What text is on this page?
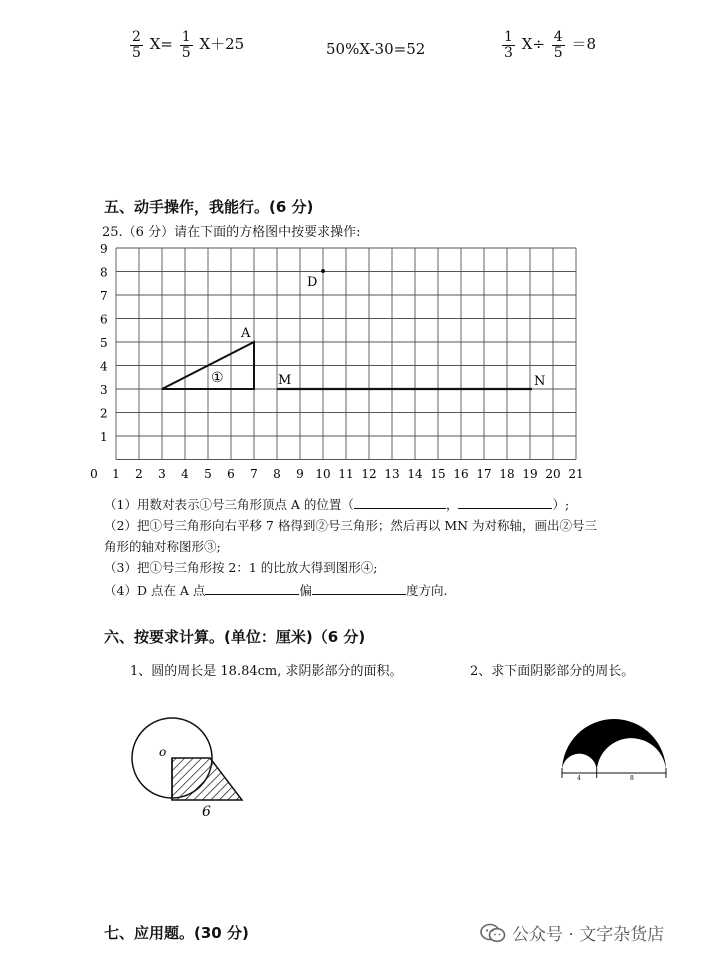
$\frac{2}{5} X= \frac{1}{5} X+25$	50%X-30=52	$\frac{1}{3} X\div \frac{4}{5} =8$
五、动手操作，我能行。(6 分)
25.（6 分）请在下面的方格图中按要求操作:
9
8
7
6
5
4
3
2
1
0 1 2 3 4 5 6 7 8 9 10 11 12 13 14 15 16 17 18 19 20 21
D
A
M	N
①
（1）用数对表示①号三角形顶点 A 的位置（	，	）;
（2）把①号三角形向右平移 7 格得到②号三角形；然后再以 MN 为对称轴，画出②号三
角形的轴对称图形③;
（3）把①号三角形按 2：1 的比放大得到图形④;
（4）D 点在 A 点	偏	度方向.
六、按要求计算。(单位：厘米)（6 分)
1、圆的周长是 18.84cm, 求阴影部分的面积。	2、求下面阴影部分的周长。
o
6
4	8
七、应用题。(30 分)	公众号 · 文字杂货店
